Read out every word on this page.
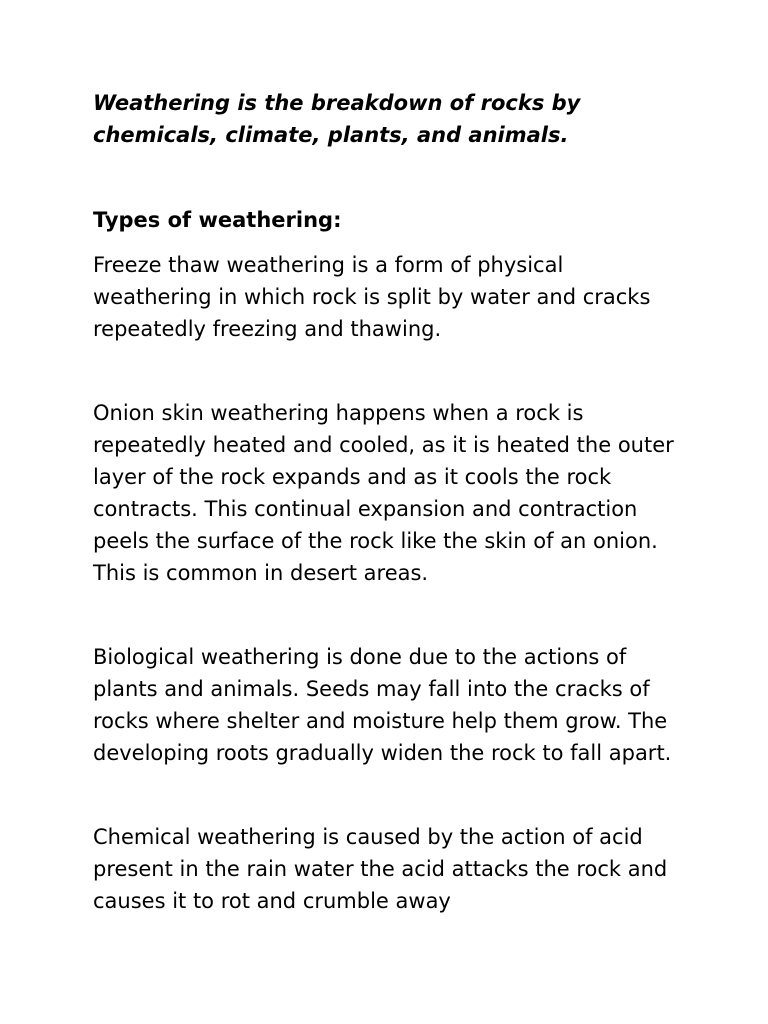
Weathering is the breakdown of rocks by chemicals, climate, plants, and animals.

Types of weathering:

Freeze thaw weathering is a form of physical weathering in which rock is split by water and cracks repeatedly freezing and thawing.

Onion skin weathering happens when a rock is repeatedly heated and cooled, as it is heated the outer layer of the rock expands and as it cools the rock contracts. This continual expansion and contraction peels the surface of the rock like the skin of an onion. This is common in desert areas.

Biological weathering is done due to the actions of plants and animals. Seeds may fall into the cracks of rocks where shelter and moisture help them grow. The developing roots gradually widen the rock to fall apart.

Chemical weathering is caused by the action of acid present in the rain water the acid attacks the rock and causes it to rot and crumble away
